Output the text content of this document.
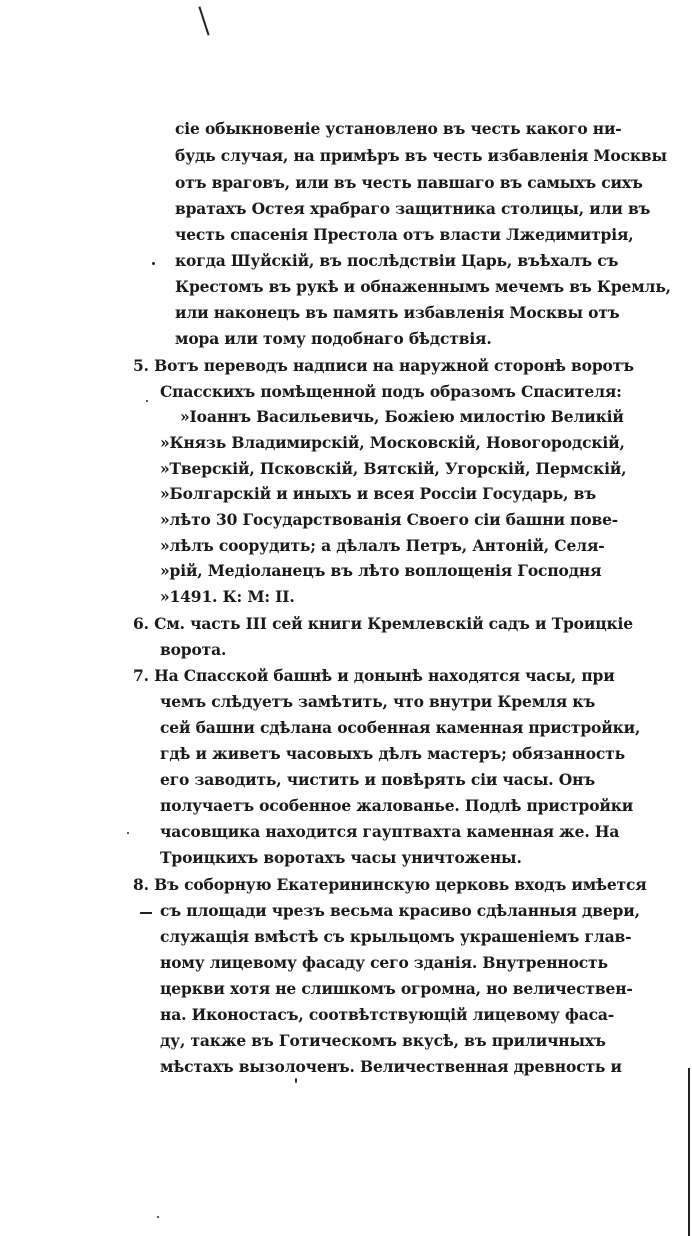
сіе обыкновеніе установлено въ честь какого ни-
будь случая, на примѣръ въ честь избавленія Москвы
отъ враговъ, или въ честь павшаго въ самыхъ сихъ
вратахъ Остея храбраго защитника столицы, или въ
честь спасенія Престола отъ власти Лжедимитрія,
когда Шуйскій, въ послѣдствіи Царь, въѣхалъ съ
Крестомъ въ рукѣ и обнаженнымъ мечемъ въ Кремль,
или наконецъ въ память избавленія Москвы отъ
мора или тому подобнаго бѣдствія.
5. Вотъ переводъ надписи на наружной сторонѣ воротъ
Спасскихъ помѣщенной подъ образомъ Спасителя:
»Іоаннъ Васильевичь, Божіею милостію Великій
»Князь Владимирскій, Московскій, Новогородскій,
»Тверскій, Псковскій, Вятскій, Угорскій, Пермскій,
»Болгарскій и иныхъ и всея Россіи Государь, въ
»лѣто 30 Государствованія Своего сіи башни пове-
»лѣлъ соорудить; а дѣлалъ Петръ, Антоній, Селя-
»рій, Медіоланецъ въ лѣто воплощенія Господня
»1491. К: М: II.
6. См. часть III сей книги Кремлевскій садъ и Троицкіе
ворота.
7. На Спасской башнѣ и донынѣ находятся часы, при
чемъ слѣдуетъ замѣтить, что внутри Кремля къ
сей башни сдѣлана особенная каменная пристройки,
гдѣ и живетъ часовыхъ дѣлъ мастеръ; обязанность
его заводить, чистить и повѣрять сіи часы. Онъ
получаетъ особенное жалованье. Подлѣ пристройки
часовщика находится гауптвахта каменная же. На
Троицкихъ воротахъ часы уничтожены.
8. Въ соборную Екатерининскую церковь входъ имѣется
съ площади чрезъ весьма красиво сдѣланныя двери,
служащія вмѣстѣ съ крыльцомъ украшеніемъ глав-
ному лицевому фасаду сего зданія. Внутренность
церкви хотя не слишкомъ огромна, но величествен-
на. Иконостасъ, соотвѣтствующій лицевому фаса-
ду, также въ Готическомъ вкусѣ, въ приличныхъ
мѣстахъ вызолоченъ. Величественная древность и
